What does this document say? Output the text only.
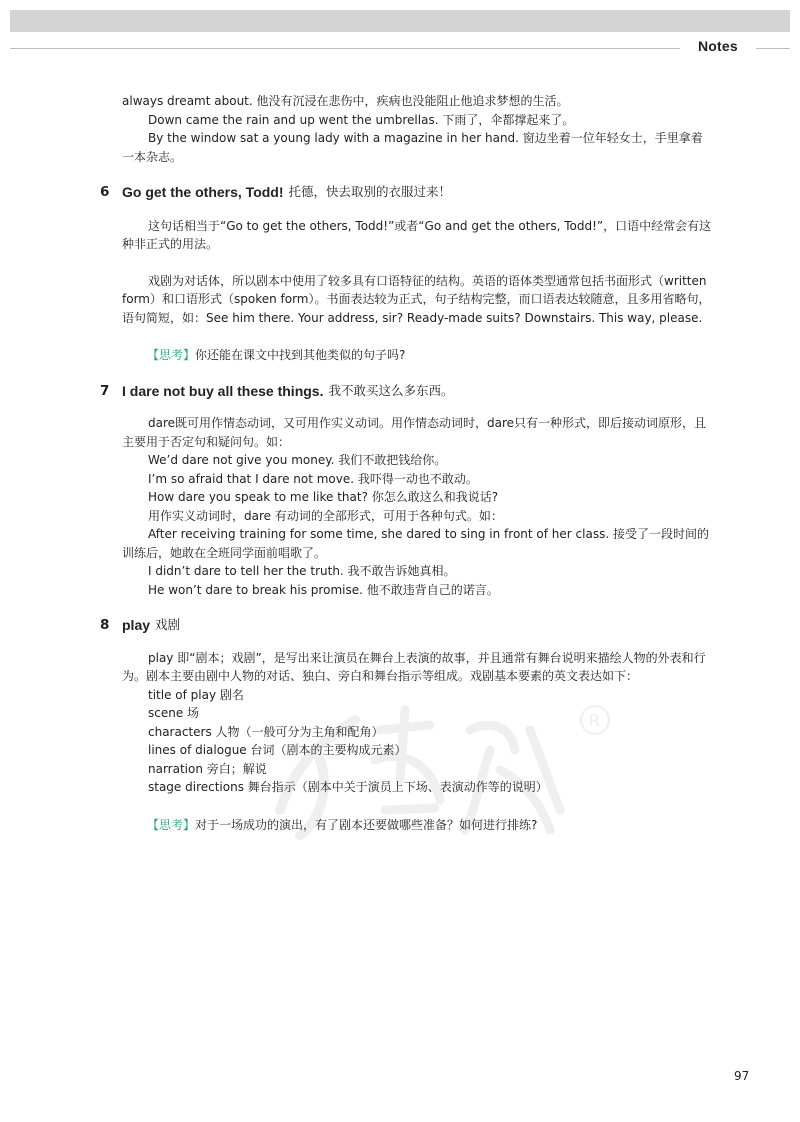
Notes

always dreamt about. 他没有沉浸在悲伤中，疾病也没能阻止他追求梦想的生活。

Down came the rain and up went the umbrellas. 下雨了，伞都撑起来了。

By the window sat a young lady with a magazine in her hand. 窗边坐着一位年轻女士，手里拿着一本杂志。

6 Go get the others, Todd! 托德，快去取别的衣服过来！

这句话相当于“Go to get the others, Todd!”或者“Go and get the others, Todd!”，口语中经常会有这种非正式的用法。

戏剧为对话体，所以剧本中使用了较多具有口语特征的结构。英语的语体类型通常包括书面形式（written form）和口语形式（spoken form）。书面表达较为正式，句子结构完整，而口语表达较随意，且多用省略句，语句简短，如：See him there. Your address, sir? Ready-made suits? Downstairs. This way, please.

【思考】你还能在课文中找到其他类似的句子吗?

7 I dare not buy all these things. 我不敢买这么多东西。

dare既可用作情态动词，又可用作实义动词。用作情态动词时，dare只有一种形式，即后接动词原形，且主要用于否定句和疑问句。如：

We’d dare not give you money. 我们不敢把钱给你。

I’m so afraid that I dare not move. 我吓得一动也不敢动。

How dare you speak to me like that? 你怎么敢这么和我说话?

用作实义动词时，dare 有动词的全部形式，可用于各种句式。如：

After receiving training for some time, she dared to sing in front of her class. 接受了一段时间的训练后，她敢在全班同学面前唱歌了。

I didn’t dare to tell her the truth. 我不敢告诉她真相。

He won’t dare to break his promise. 他不敢违背自己的诺言。

8 play 戏剧

play 即“剧本；戏剧”，是写出来让演员在舞台上表演的故事，并且通常有舞台说明来描绘人物的外表和行为。剧本主要由剧中人物的对话、独白、旁白和舞台指示等组成。戏剧基本要素的英文表达如下：

title of play 剧名

scene 场

characters 人物（一般可分为主角和配角）

lines of dialogue 台词（剧本的主要构成元素）

narration 旁白；解说

stage directions 舞台指示（剧本中关于演员上下场、表演动作等的说明）

【思考】对于一场成功的演出，有了剧本还要做哪些准备？如何进行排练?

R
97
